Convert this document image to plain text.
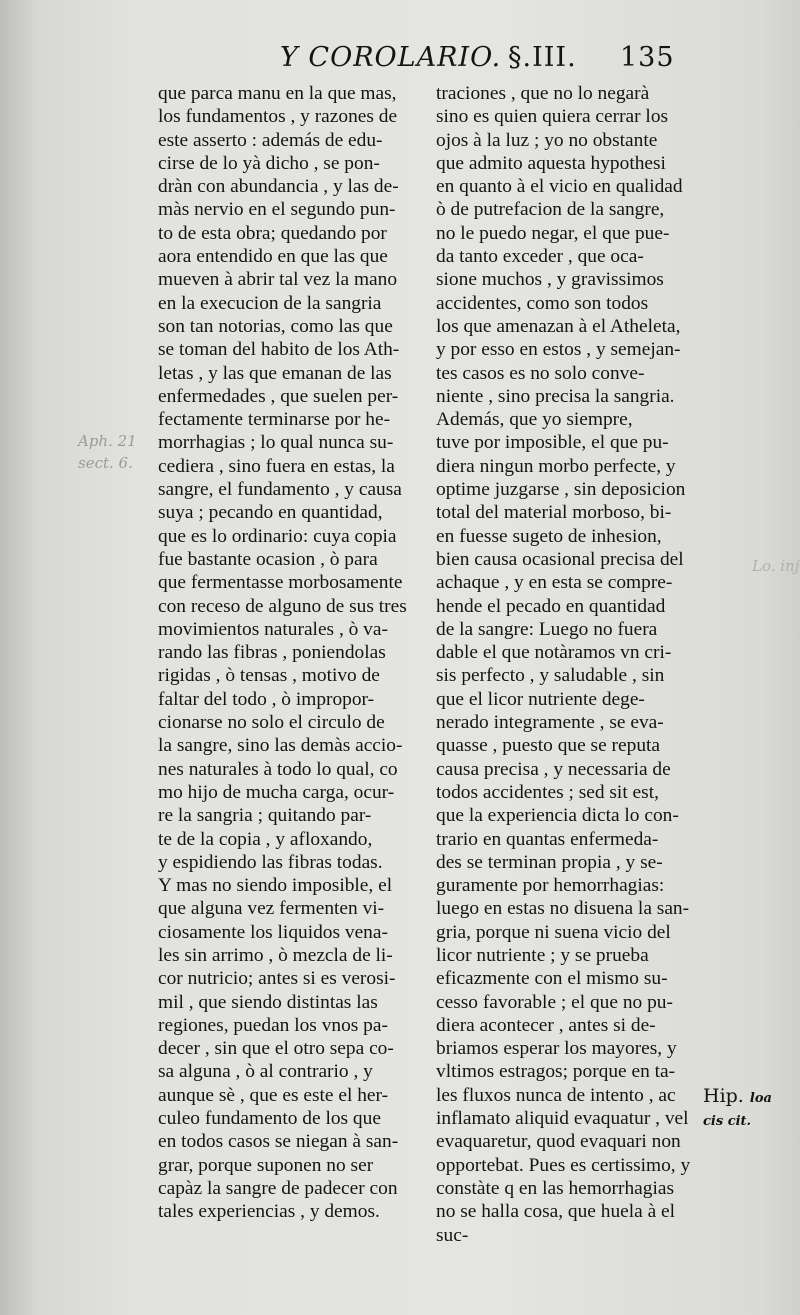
Y COROLARIO. §.III. 135
Aph. 21
sect. 6.
Lo. inj
que parca manu en la que mas,
los fundamentos , y razones de
este asserto : además de edu-
cirse de lo yà dicho , se pon-
dràn con abundancia , y las de-
màs nervio en el segundo pun-
to de esta obra; quedando por
aora entendido en que las que
mueven à abrir tal vez la mano
en la execucion de la sangria
son tan notorias, como las que
se toman del habito de los Ath-
letas , y las que emanan de las
enfermedades , que suelen per-
fectamente terminarse por he-
morrhagias ; lo qual nunca su-
cediera , sino fuera en estas, la
sangre, el fundamento , y causa
suya ; pecando en quantidad,
que es lo ordinario: cuya copia
fue bastante ocasion , ò para
que fermentasse morbosamente
con receso de alguno de sus tres
movimientos naturales , ò va-
rando las fibras , poniendolas
rigidas , ò tensas , motivo de
faltar del todo , ò impropor-
cionarse no solo el circulo de
la sangre, sino las demàs accio-
nes naturales à todo lo qual, co
mo hijo de mucha carga, ocur-
re la sangria ; quitando par-
te de la copia , y afloxando,
y espidiendo las fibras todas.
Y mas no siendo imposible, el
que alguna vez fermenten vi-
ciosamente los liquidos vena-
les sin arrimo , ò mezcla de li-
cor nutricio; antes si es verosi-
mil , que siendo distintas las
regiones, puedan los vnos pa-
decer , sin que el otro sepa co-
sa alguna , ò al contrario , y
aunque sè , que es este el her-
culeo fundamento de los que
en todos casos se niegan à san-
grar, porque suponen no ser
capàz la sangre de padecer con
tales experiencias , y demos.
traciones , que no lo negarà
sino es quien quiera cerrar los
ojos à la luz ; yo no obstante
que admito aquesta hypothesi
en quanto à el vicio en qualidad
ò de putrefacion de la sangre,
no le puedo negar, el que pue-
da tanto exceder , que oca-
sione muchos , y gravissimos
accidentes, como son todos
los que amenazan à el Atheleta,
y por esso en estos , y semejan-
tes casos es no solo conve-
niente , sino precisa la sangria.
Además, que yo siempre,
tuve por imposible, el que pu-
diera ningun morbo perfecte, y
optime juzgarse , sin deposicion
total del material morboso, bi-
en fuesse sugeto de inhesion,
bien causa ocasional precisa del
achaque , y en esta se compre-
hende el pecado en quantidad
de la sangre: Luego no fuera
dable el que notàramos vn cri-
sis perfecto , y saludable , sin
que el licor nutriente dege-
nerado integramente , se eva-
quasse , puesto que se reputa
causa precisa , y necessaria de
todos accidentes ; sed sit est,
que la experiencia dicta lo con-
trario en quantas enfermeda-
des se terminan propia , y se-
guramente por hemorrhagias:
luego en estas no disuena la san-
gria, porque ni suena vicio del
licor nutriente ; y se prueba
eficazmente con el mismo su-
cesso favorable ; el que no pu-
diera acontecer , antes si de-
briamos esperar los mayores, y
vltimos estragos; porque en ta-
les fluxos nunca de intento , ac
inflamato aliquid evaquatur , vel
evaquaretur, quod evaquari non
opportebat. Pues es certissimo, y
constàte q en las hemorrhagias
no se halla cosa, que huela à el
suc-
Hip. loa
cis cit.
